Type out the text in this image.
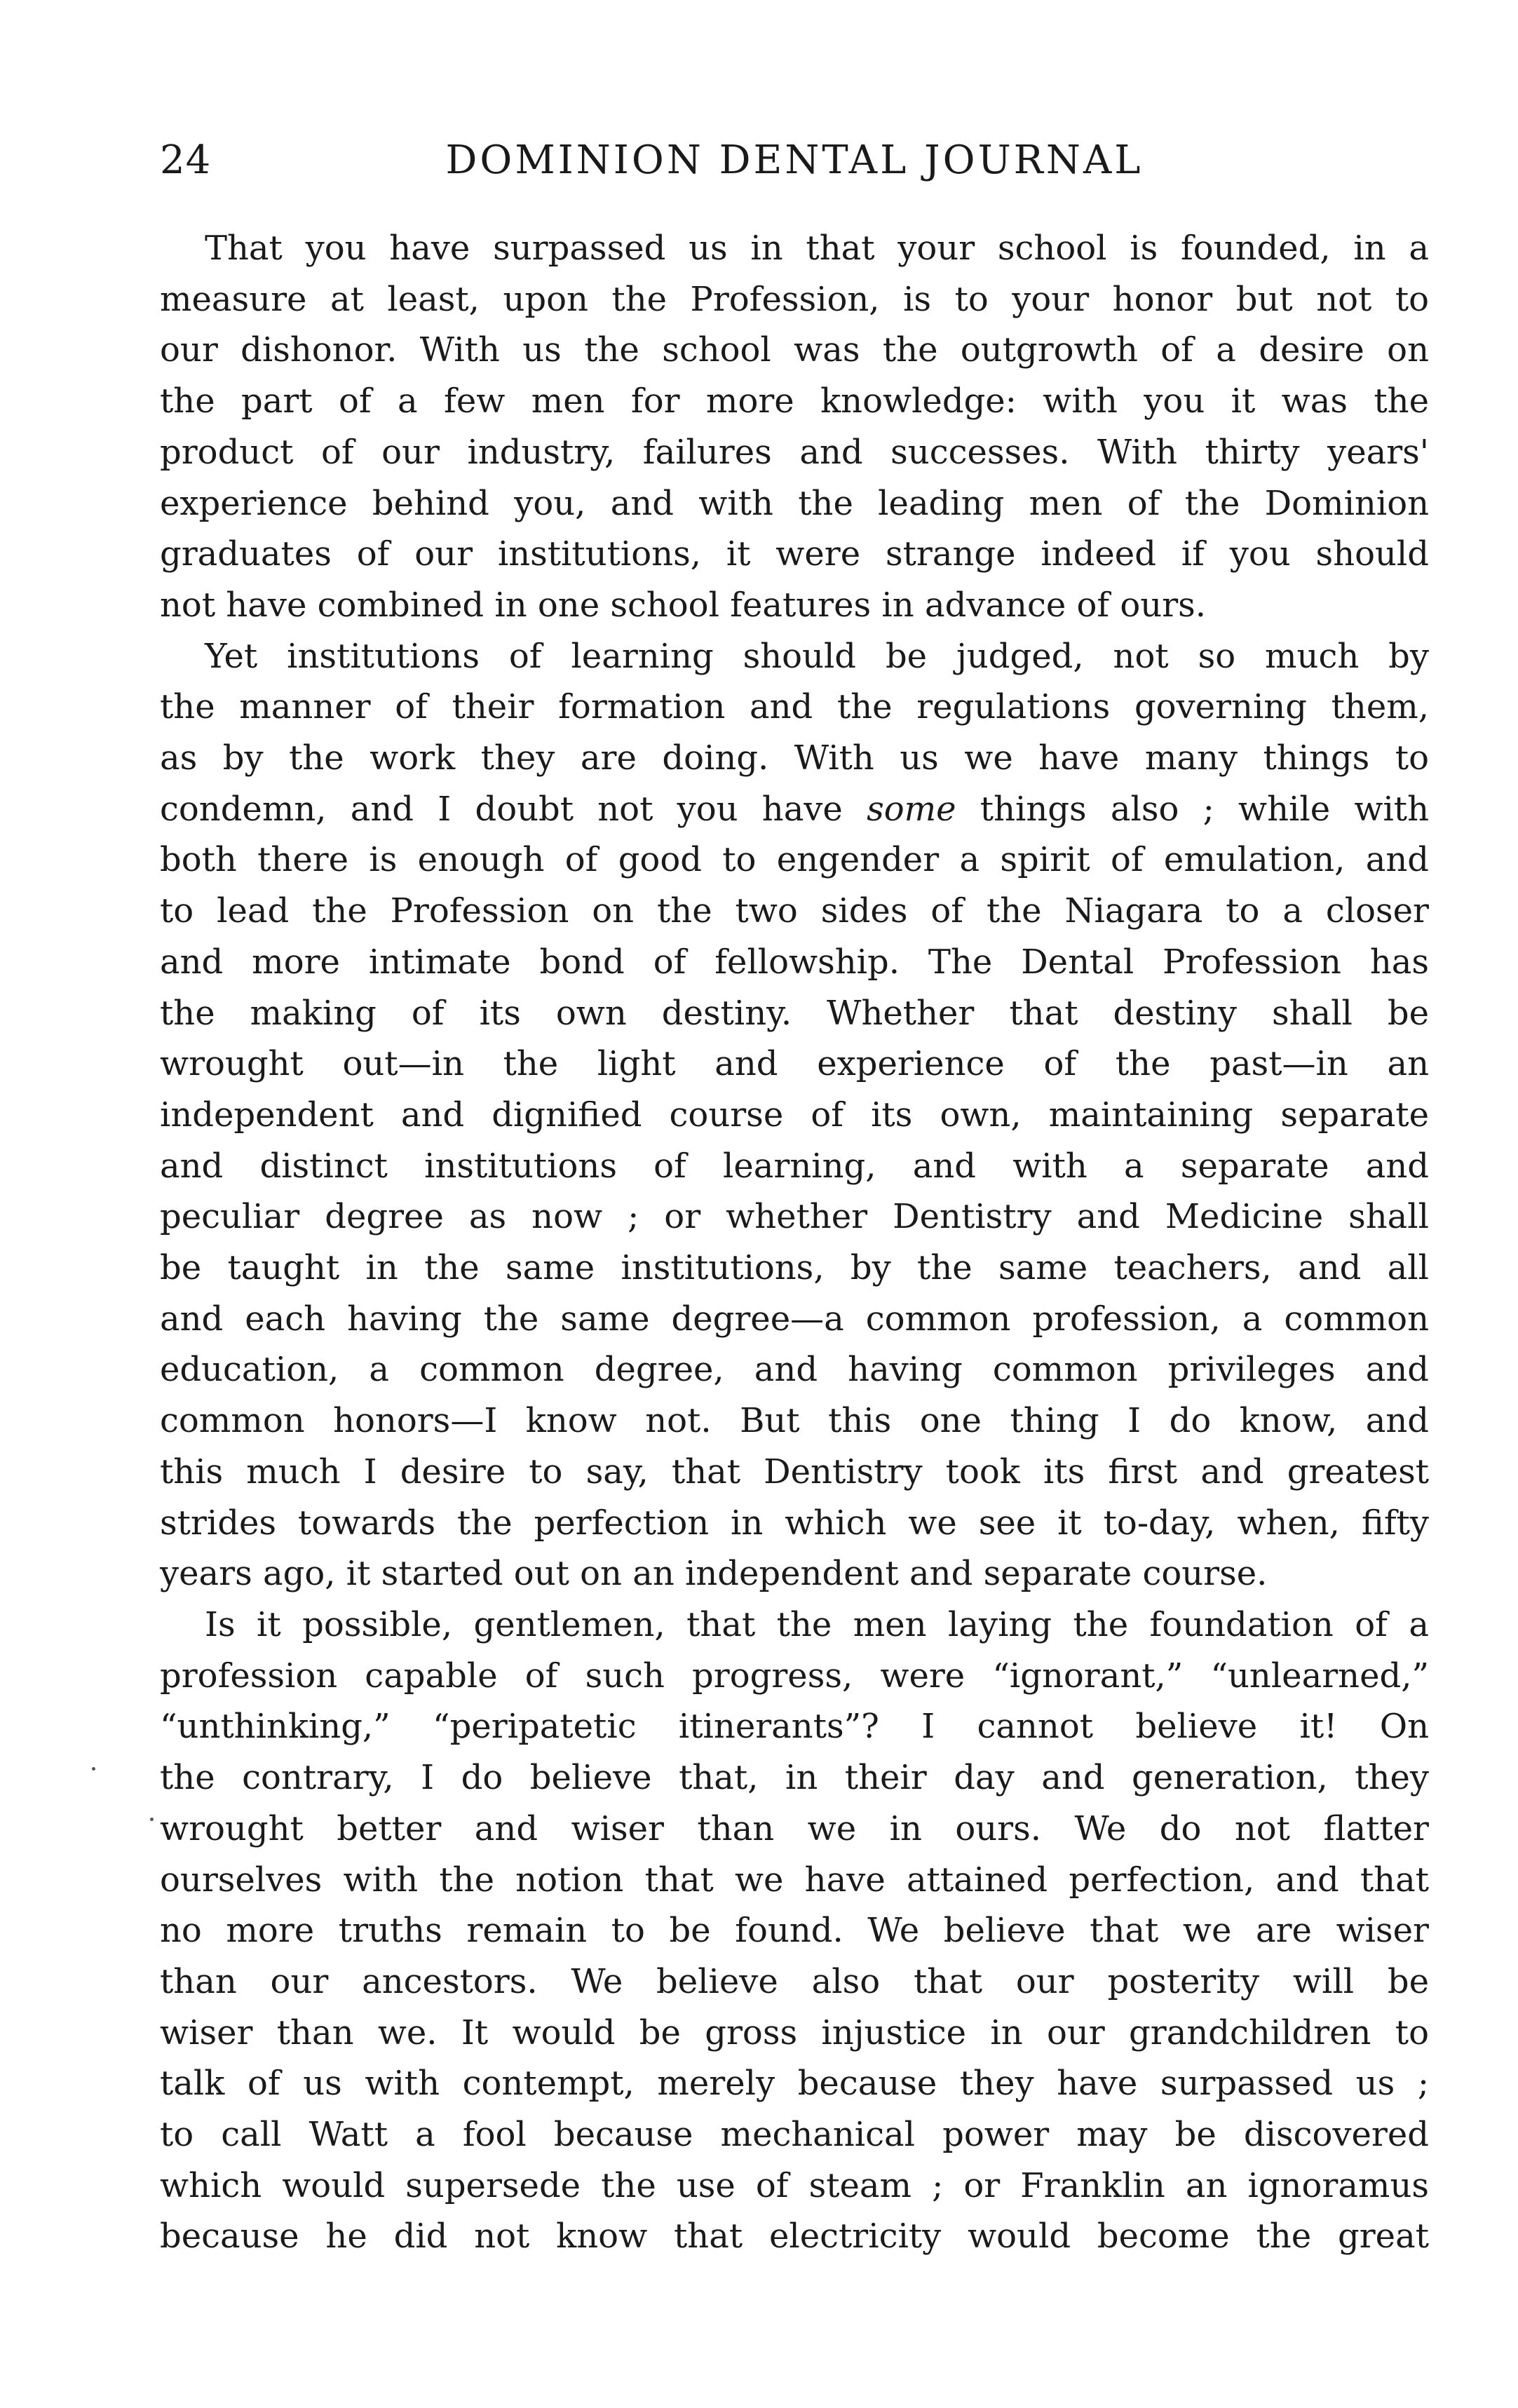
24	DOMINION DENTAL JOURNAL

That you have surpassed us in that your school is founded, in a
measure at least, upon the Profession, is to your honor but not to
our dishonor. With us the school was the outgrowth of a desire on
the part of a few men for more knowledge: with you it was the
product of our industry, failures and successes. With thirty years'
experience behind you, and with the leading men of the Dominion
graduates of our institutions, it were strange indeed if you should
not have combined in one school features in advance of ours.

Yet institutions of learning should be judged, not so much by
the manner of their formation and the regulations governing them,
as by the work they are doing. With us we have many things to
condemn, and I doubt not you have some things also ; while with
both there is enough of good to engender a spirit of emulation, and
to lead the Profession on the two sides of the Niagara to a closer
and more intimate bond of fellowship. The Dental Profession has
the making of its own destiny. Whether that destiny shall be
wrought out—in the light and experience of the past—in an
independent and dignified course of its own, maintaining separate
and distinct institutions of learning, and with a separate and
peculiar degree as now ; or whether Dentistry and Medicine shall
be taught in the same institutions, by the same teachers, and all
and each having the same degree—a common profession, a common
education, a common degree, and having common privileges and
common honors—I know not. But this one thing I do know, and
this much I desire to say, that Dentistry took its first and greatest
strides towards the perfection in which we see it to-day, when, fifty
years ago, it started out on an independent and separate course.

Is it possible, gentlemen, that the men laying the foundation of a
profession capable of such progress, were “ignorant,” “unlearned,”
“unthinking,” “peripatetic itinerants”? I cannot believe it! On
the contrary, I do believe that, in their day and generation, they
wrought better and wiser than we in ours. We do not flatter
ourselves with the notion that we have attained perfection, and that
no more truths remain to be found. We believe that we are wiser
than our ancestors. We believe also that our posterity will be
wiser than we. It would be gross injustice in our grandchildren to
talk of us with contempt, merely because they have surpassed us ;
to call Watt a fool because mechanical power may be discovered
which would supersede the use of steam ; or Franklin an ignoramus
because he did not know that electricity would become the great
